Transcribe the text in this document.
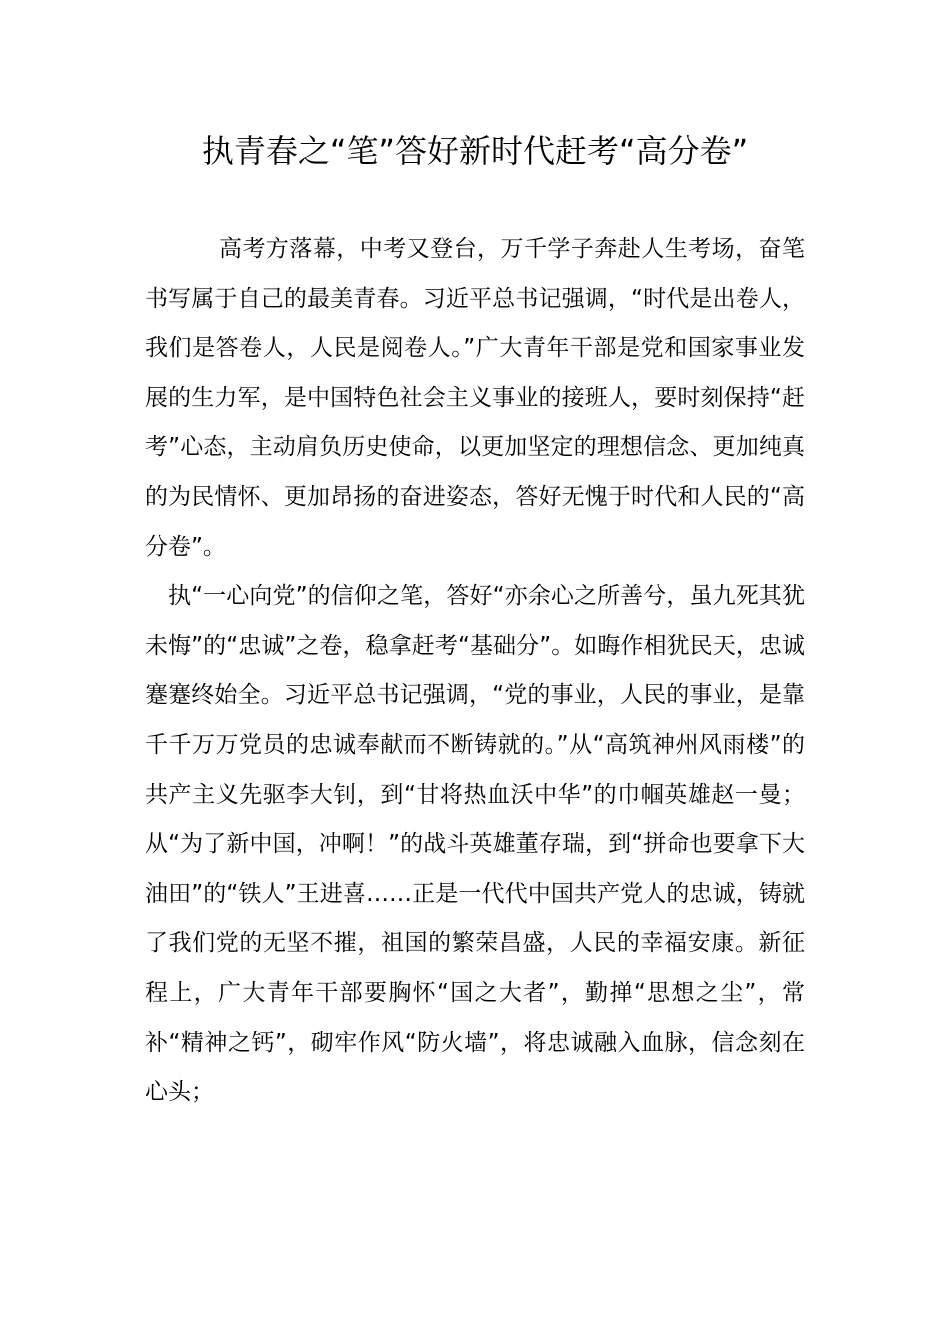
执青春之“笔”答好新时代赶考“高分卷”

高考方落幕，中考又登台，万千学子奔赴人生考场，奋笔书写属于自己的最美青春。习近平总书记强调，“时代是出卷人，我们是答卷人，人民是阅卷人。”广大青年干部是党和国家事业发展的生力军，是中国特色社会主义事业的接班人，要时刻保持“赶考”心态，主动肩负历史使命，以更加坚定的理想信念、更加纯真的为民情怀、更加昂扬的奋进姿态，答好无愧于时代和人民的“高分卷”。

执“一心向党”的信仰之笔，答好“亦余心之所善兮，虽九死其犹未悔”的“忠诚”之卷，稳拿赶考“基础分”。如晦作相犹民天，忠诚蹇蹇终始全。习近平总书记强调，“党的事业，人民的事业，是靠千千万万党员的忠诚奉献而不断铸就的。”从“高筑神州风雨楼”的共产主义先驱李大钊，到“甘将热血沃中华”的巾帼英雄赵一曼；从“为了新中国，冲啊！”的战斗英雄董存瑞，到“拼命也要拿下大油田”的“铁人”王进喜……正是一代代中国共产党人的忠诚，铸就了我们党的无坚不摧，祖国的繁荣昌盛，人民的幸福安康。新征程上，广大青年干部要胸怀“国之大者”，勤掸“思想之尘”，常补“精神之钙”，砌牢作风“防火墙”，将忠诚融入血脉，信念刻在心头；
